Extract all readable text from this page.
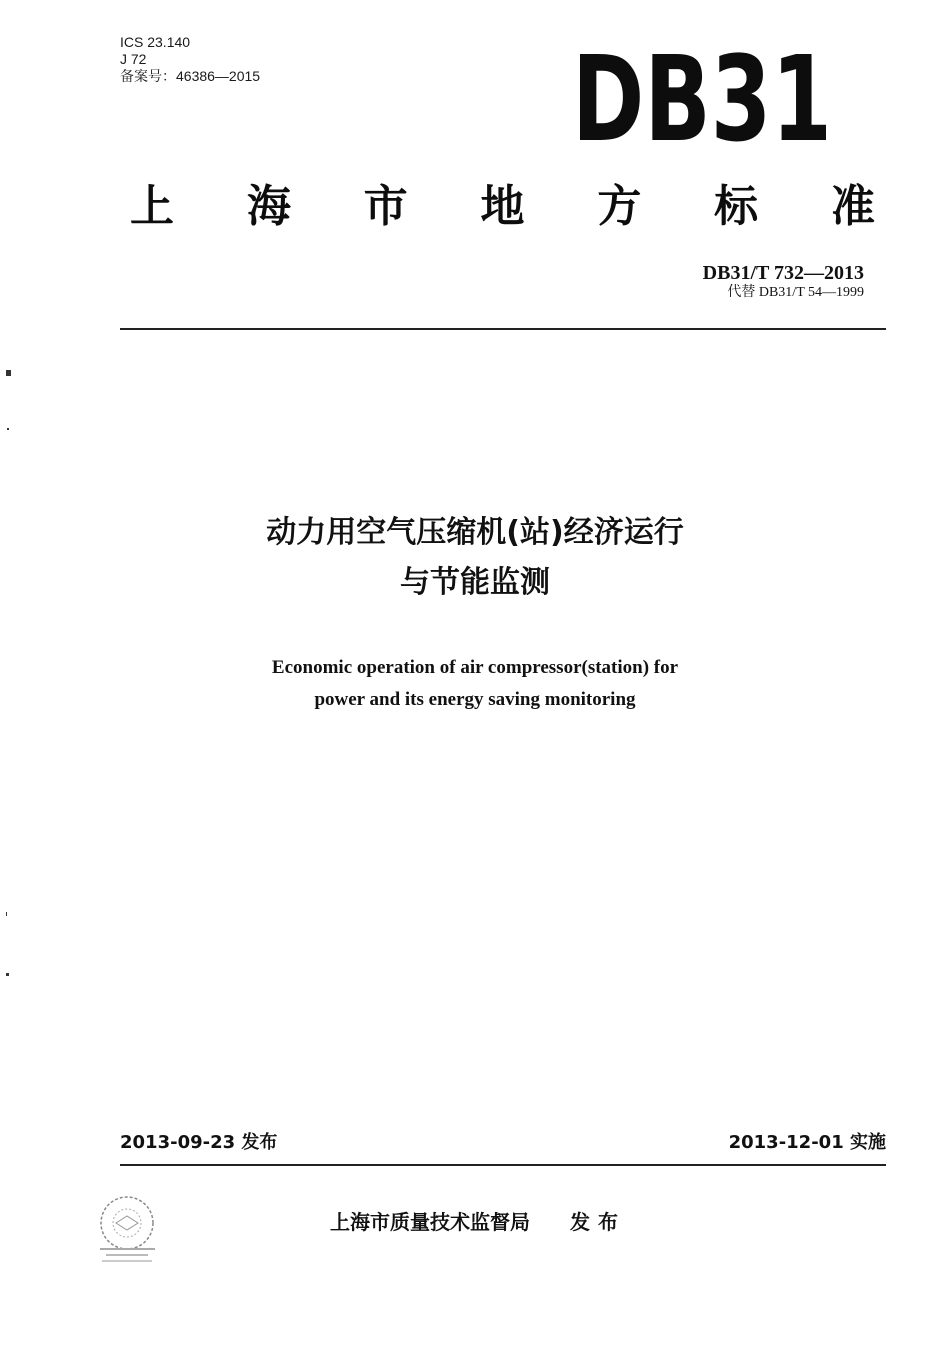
ICS 23.140
J 72
备案号：46386—2015	DB31
上 海 市 地 方 标 准
DB31/T 732—2013
代替 DB31/T 54—1999
动力用空气压缩机(站)经济运行
与节能监测
Economic operation of air compressor(station) for
power and its energy saving monitoring
2013-09-23 发布	2013-12-01 实施
上海市质量技术监督局 发布
